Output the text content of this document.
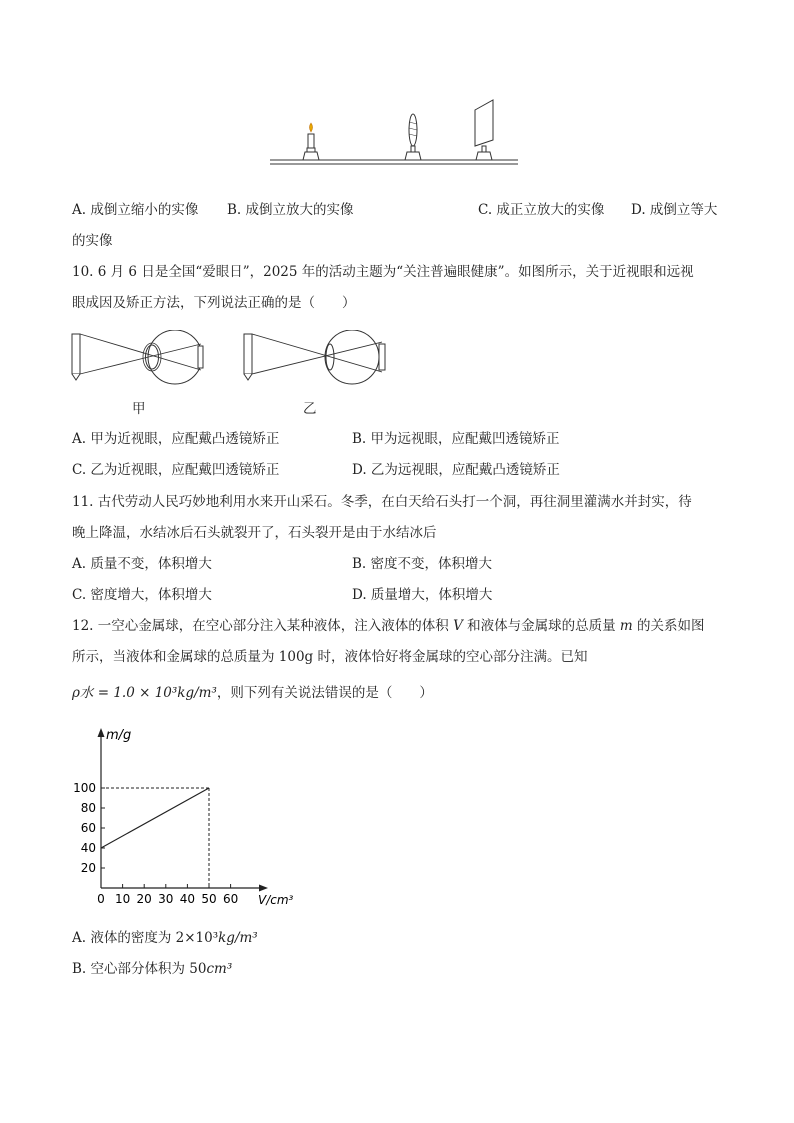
A. 成倒立缩小的实像 B. 成倒立放大的实像	C. 成正立放大的实像 D. 成倒立等大
的实像
10. 6 月 6 日是全国“爱眼日”，2025 年的活动主题为“关注普遍眼健康”。如图所示，关于近视眼和远视
眼成因及矫正方法，下列说法正确的是（　　）
甲	乙
A. 甲为近视眼，应配戴凸透镜矫正	B. 甲为远视眼，应配戴凹透镜矫正
C. 乙为近视眼，应配戴凹透镜矫正	D. 乙为远视眼，应配戴凸透镜矫正
11. 古代劳动人民巧妙地利用水来开山采石。冬季，在白天给石头打一个洞，再往洞里灌满水并封实，待
晚上降温，水结冰后石头就裂开了，石头裂开是由于水结冰后
A. 质量不变，体积增大	B. 密度不变，体积增大
C. 密度增大，体积增大	D. 质量增大，体积增大
12. 一空心金属球，在空心部分注入某种液体，注入液体的体积 V 和液体与金属球的总质量 m 的关系如图
所示，当液体和金属球的总质量为 100g 时，液体恰好将金属球的空心部分注满。已知
ρ水 = 1.0 × 10³kg/m³，则下列有关说法错误的是（　　）
m/g
V/cm³
0 10 20 30 40 50 60
20
40
60
80
100
A. 液体的密度为 2×10³kg/m³
B. 空心部分体积为 50cm³
